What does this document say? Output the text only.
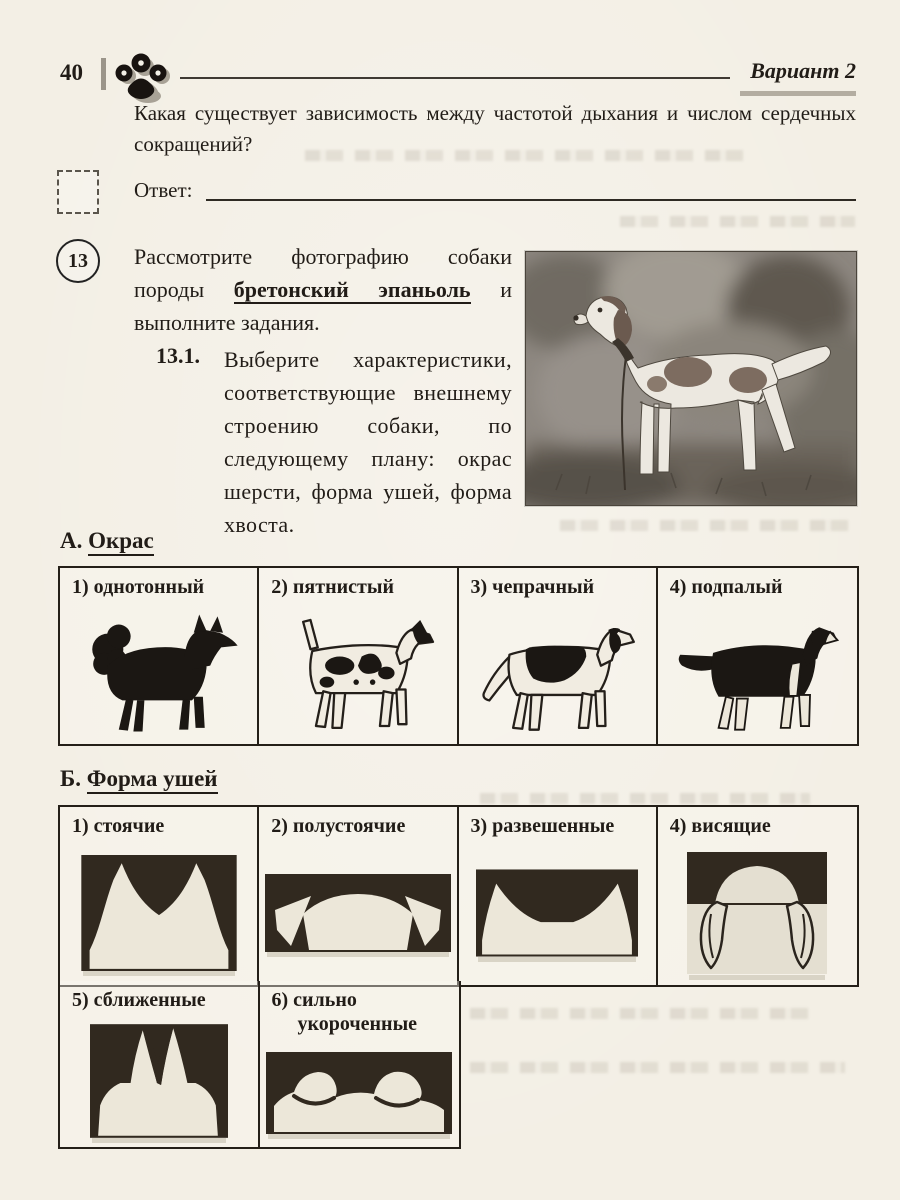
40	Вариант 2
Какая существует зависимость между частотой дыхания и числом сердечных сокращений?
Ответ:
13	Рассмотрите фотографию собаки породы бретонский эпаньоль и выполните задания.
13.1. Выберите характеристики, соответствующие внешнему строению собаки, по следующему плану: окрас шерсти, форма ушей, форма хвоста.
А. Окрас
1) однотонный	2) пятнистый	3) чепрачный	4) подпалый
Б. Форма ушей
1) стоячие	2) полустоячие	3) развешенные	4) висящие
5) сближенные	6) сильно укороченные
